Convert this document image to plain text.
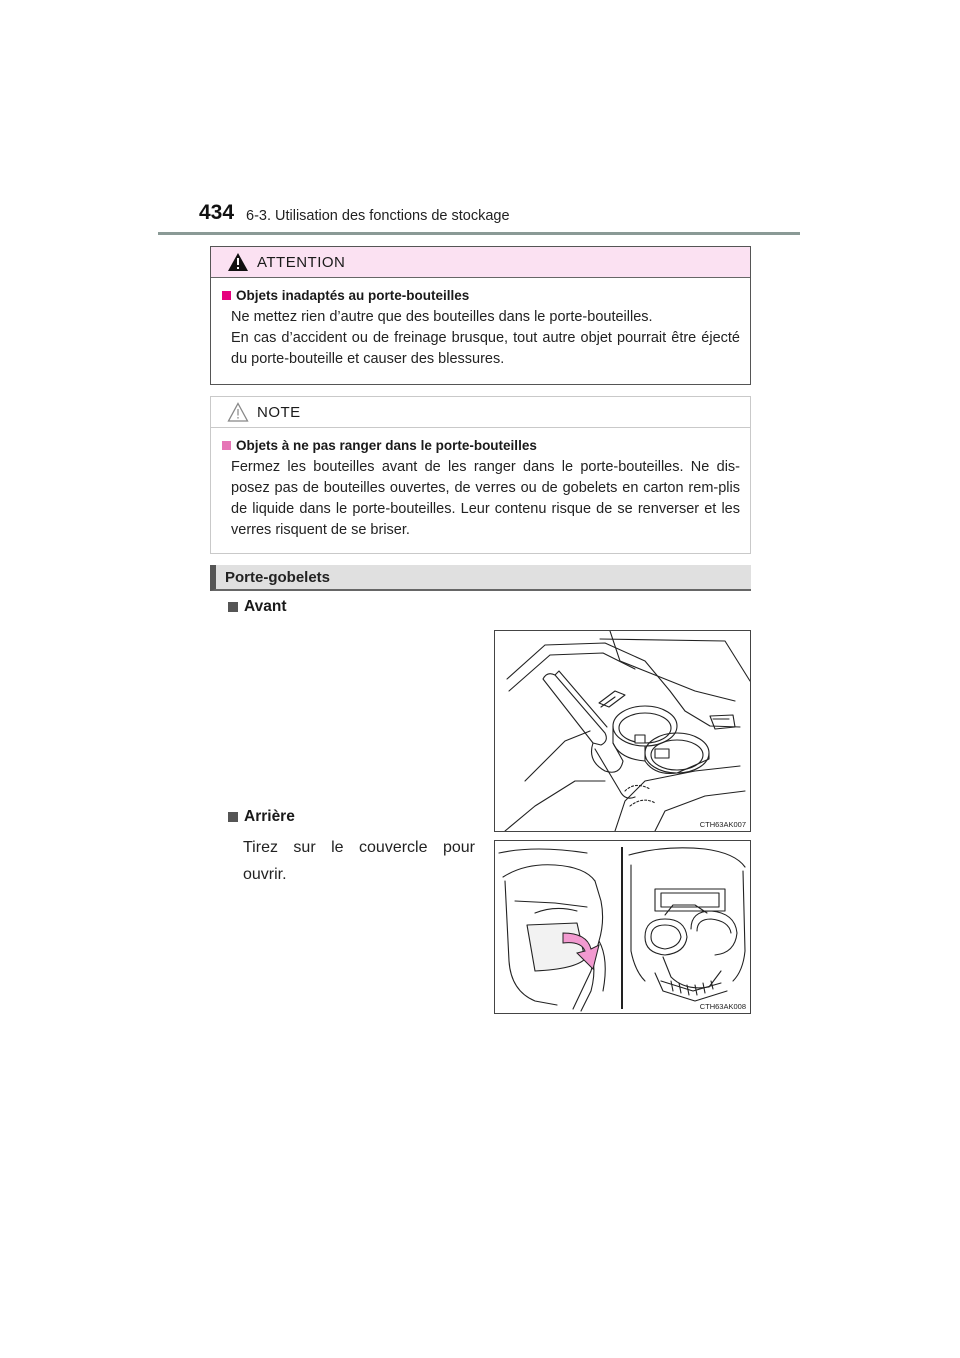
434 6-3. Utilisation des fonctions de stockage
ATTENTION
Objets inadaptés au porte-bouteilles
Ne mettez rien d’autre que des bouteilles dans le porte-bouteilles.
En cas d’accident ou de freinage brusque, tout autre objet pourrait être éjecté du porte-bouteille et causer des blessures.
NOTE
Objets à ne pas ranger dans le porte-bouteilles
Fermez les bouteilles avant de les ranger dans le porte-bouteilles. Ne dis-posez pas de bouteilles ouvertes, de verres ou de gobelets en carton rem-plis de liquide dans le porte-bouteilles. Leur contenu risque de se renverser et les verres risquent de se briser.
Porte-gobelets
Avant
CTH63AK007
Arrière
Tirez sur le couvercle pour ouvrir.
CTH63AK008
